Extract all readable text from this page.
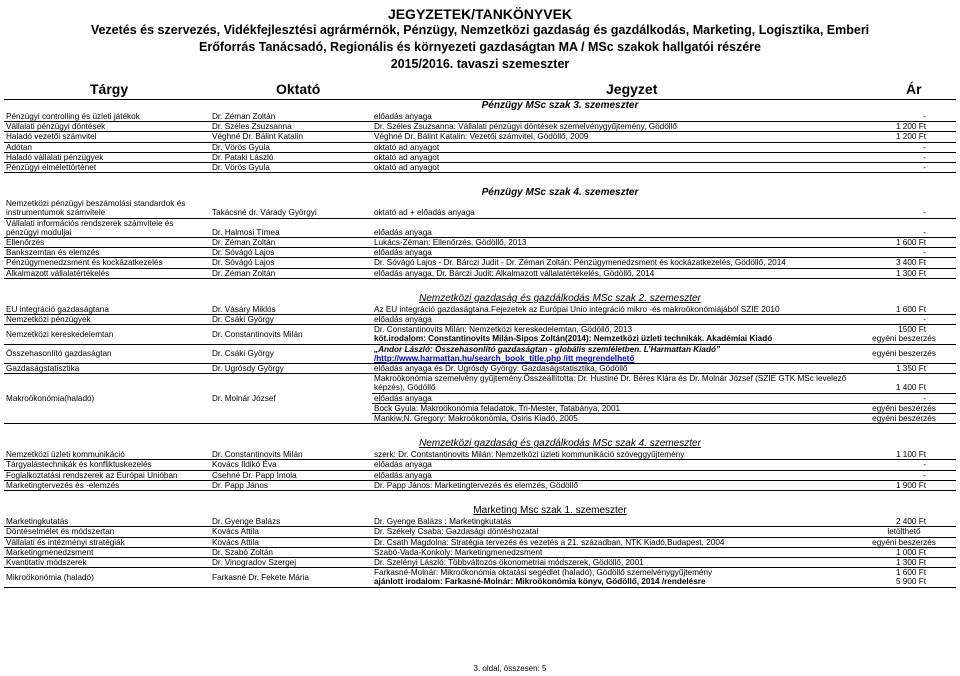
JEGYZETEK/TANKÖNYVEK
Vezetés és szervezés, Vidékfejlesztési agrármérnök, Pénzügy, Nemzetközi gazdaság és gazdálkodás, Marketing, Logisztika, Emberi Erőforrás Tanácsadó, Regionális és környezeti gazdaságtan MA / MSc szakok hallgatói részére
2015/2016. tavaszi szemeszter
Tárgy	Oktató	Jegyzet	Ár
Pénzügy MSc szak 3. szemeszter
Pénzügyi controlling és üzleti játékok	Dr. Zéman Zoltán	előadás anyaga	-
Vállalati pénzügyi döntések	Dr. Széles Zsuzsanna	Dr. Széles Zsuzsanna: Vállalati pénzügyi döntések szemelvénygyűjtemény, Gödöllő	1 200 Ft
Haladó vezetői számvitel	Véghné Dr. Bálint Katalin	Véghné Dr. Bálint Katalin: Vezetői számvitel, Gödöllő, 2009	1 200 Ft
Adótan	Dr. Vörös Gyula	oktató ad anyagot	-
Haladó vállalati pénzügyek	Dr. Pataki László	oktató ad anyagot	-
Pénzügyi elmélettörténet	Dr. Vörös Gyula	oktató ad anyagot	-
Pénzügy MSc szak 4. szemeszter
Nemzetközi pénzügyi beszámolási standardok és instrumentumok számvitele	Takácsné dr. Várady Györgyi	oktató ad + előadás anyaga	-
Vállalati információs rendszerek számvitele és pénzügyi moduljai	Dr. Halmosi Tímea	előadás anyaga	-
Ellenőrzés	Dr. Zéman Zoltán	Lukács-Zéman: Ellenőrzés, Gödöllő, 2013	1 600 Ft
Bankszemtan és elemzés	Dr. Sóvágó Lajos	előadás anyaga	-
Pénzügymenedzsment és kockázatkezelés	Dr. Sóvágó Lajos	Dr. Sóvágó Lajos - Dr. Bárczi Judit - Dr. Zéman Zoltán: Pénzügymenedzsment és kockázatkezelés, Gödöllő, 2014	3 400 Ft
Alkalmazott vállalatértékelés	Dr. Zéman Zoltán	előadás anyaga, Dr. Bárczi Judit: Alkalmazott vállalatértékelés, Gödöllő, 2014	1 300 Ft
Nemzetközi gazdaság és gazdálkodás MSc szak 2. szemeszter
EU integráció gazdaságtana	Dr. Vásáry Miklós	Az EU integráció gazdaságtana.Fejezetek az Európai Unio integráció mikro -és makroökonómiájából SZIE 2010	1 600 Ft
Nemzetközi pénzügyek	Dr. Csáki György	előadás anyaga	-
Nemzetközi kereskedelemtan	Dr. Constantinovits Milán	Dr. Constantinovits Milán: Nemzetközi kereskedelemtan, Gödöllő, 2013	1500 Ft
		köt.irodalom: Constantinovits Milán-Sipos Zoltán(2014): Nemzetközi üzleti technikák. Akadémiai Kiadó	egyéni beszerzés
Összehasonlító gazdaságtan	Dr. Csáki György	„Andor László: Összehasonlító gazdaságtan - globális szemléletben. L’Harmattan Kiadó”	egyéni beszerzés
		/http://www.harmattan.hu/search_book_title.php /itt megrendelhető	
Gazdaságstatisztika	Dr. Ugrósdy György	előadás anyaga és Dr. Ugrósdy György: Gazdaságstatisztika, Gödöllő	1 350 Ft
Makroökonómia(haladó)	Dr. Molnár József	Makroökonómia szemelvény gyűjtemény.Összeállította: Dr. Hustiné Dr. Béres Klára és Dr. Molnár József (SZIE GTK MSc levelező képzés), Gödöllő	1 400 Ft
		előadás anyaga	-
		Bock Gyula: Makroökonómia feladatok, Tri-Mester, Tatabánya, 2001	egyéni beszerzés
		Mankiw,N. Gregory: Makroökonómia, Osiris Kiadó, 2005	egyéni beszerzés
Nemzetközi gazdaság és gazdálkodás MSc szak 4. szemeszter
Nemzetközi üzleti kommunikáció	Dr. Constantinovits Milán	szerk: Dr. Contstantinovits Milán: Nemzetközi üzleti kommunikáció szöveggyűjtemény	1 100 Ft
Tárgyalástechnikák és konfliktuskezelés	Kovács Ildikó Éva	előadás anyaga	-
Foglalkoztatási rendszerek az Európai Unióban	Csehné Dr. Papp Imola	előadás anyaga	-
Marketingtervezés és -elemzés	Dr. Papp János	Dr. Papp János: Marketingtervezés és elemzés, Gödöllő	1 900 Ft
Marketing Msc szak 1. szemeszter
Marketingkutatás	Dr. Gyenge Balázs	Dr. Gyenge Balázs : Marketingkutatás	2 400 Ft
Döntéselmélet és módszertan	Kovács Attila	Dr. Székely Csaba: Gazdasági döntéshozatal	letölthető
Vállalati és intézményi stratégiák	Kovács Attila	Dr. Csath Magdolna: Stratégia tervezés és vezetés a 21. században, NTK Kiadó,Budapest, 2004	egyéni beszerzés
Marketingmenedzsment	Dr. Szabó Zoltán	Szabó-Vada-Konkoly: Marketingmenedzsment	1 000 Ft
Kvantitatív módszerek	Dr. Vinogradov Szergej	Dr. Szelényi László: Többváltozós ökonometriai módszerek, Gödöllő, 2001	1 300 Ft
Mikroökonómia (haladó)	Farkasné Dr. Fekete Mária	Farkasné-Molnár: Mikroökonómia oktatási segédlet (haladó), Gödöllő szemelvénygyűjtemény	1 600 Ft
		ajánlott irodalom: Farkasné-Molnár: Mikroökonómia könyv, Gödöllő, 2014 /rendelésre	5 900 Ft
3. oldal, összesen: 5
